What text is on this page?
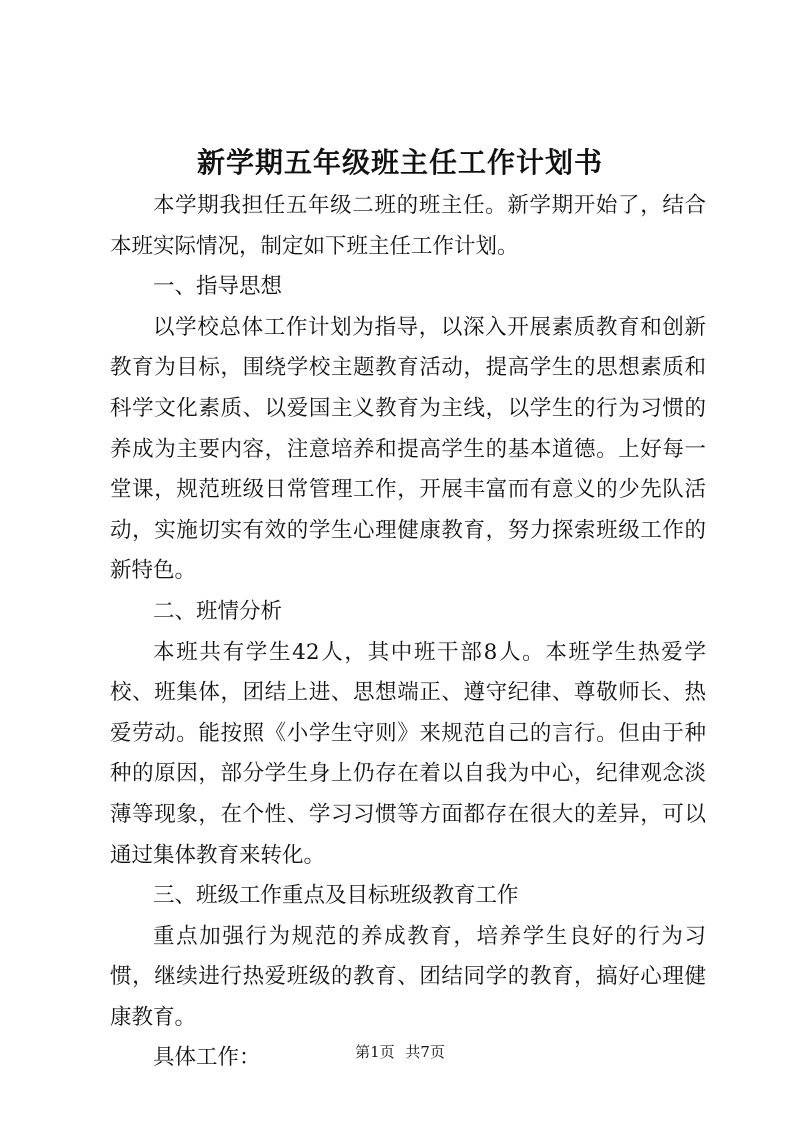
新学期五年级班主任工作计划书

本学期我担任五年级二班的班主任。新学期开始了，结合本班实际情况，制定如下班主任工作计划。

一、指导思想

以学校总体工作计划为指导，以深入开展素质教育和创新教育为目标，围绕学校主题教育活动，提高学生的思想素质和科学文化素质、以爱国主义教育为主线，以学生的行为习惯的养成为主要内容，注意培养和提高学生的基本道德。上好每一堂课，规范班级日常管理工作，开展丰富而有意义的少先队活动，实施切实有效的学生心理健康教育，努力探索班级工作的新特色。

二、班情分析

本班共有学生42人，其中班干部8人。本班学生热爱学校、班集体，团结上进、思想端正、遵守纪律、尊敬师长、热爱劳动。能按照《小学生守则》来规范自己的言行。但由于种种的原因，部分学生身上仍存在着以自我为中心，纪律观念淡薄等现象，在个性、学习习惯等方面都存在很大的差异，可以通过集体教育来转化。

三、班级工作重点及目标班级教育工作

重点加强行为规范的养成教育，培养学生良好的行为习惯，继续进行热爱班级的教育、团结同学的教育，搞好心理健康教育。

具体工作：	第1页 共7页
